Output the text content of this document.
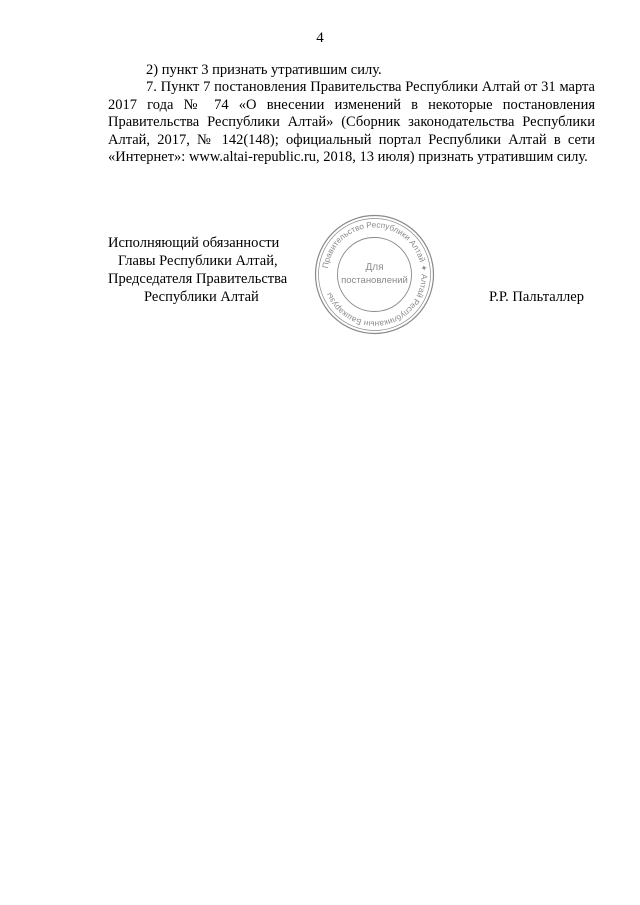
4

2) пункт 3 признать утратившим силу.

7. Пункт 7 постановления Правительства Республики Алтай от 31 марта 2017 года № 74 «О внесении изменений в некоторые постановления Правительства Республики Алтай» (Сборник законодательства Республики Алтай, 2017, № 142(148); официальный портал Республики Алтай в сети «Интернет»: www.altai-republic.ru, 2018, 13 июля) признать утратившим силу.

Исполняющий обязанности
Главы Республики Алтай,
Председателя Правительства
Республики Алтай	Р.Р. Пальталлер
Правительство Республики Алтай ✦ Алтай Республиканын Башкарузы
Для
постановлений
